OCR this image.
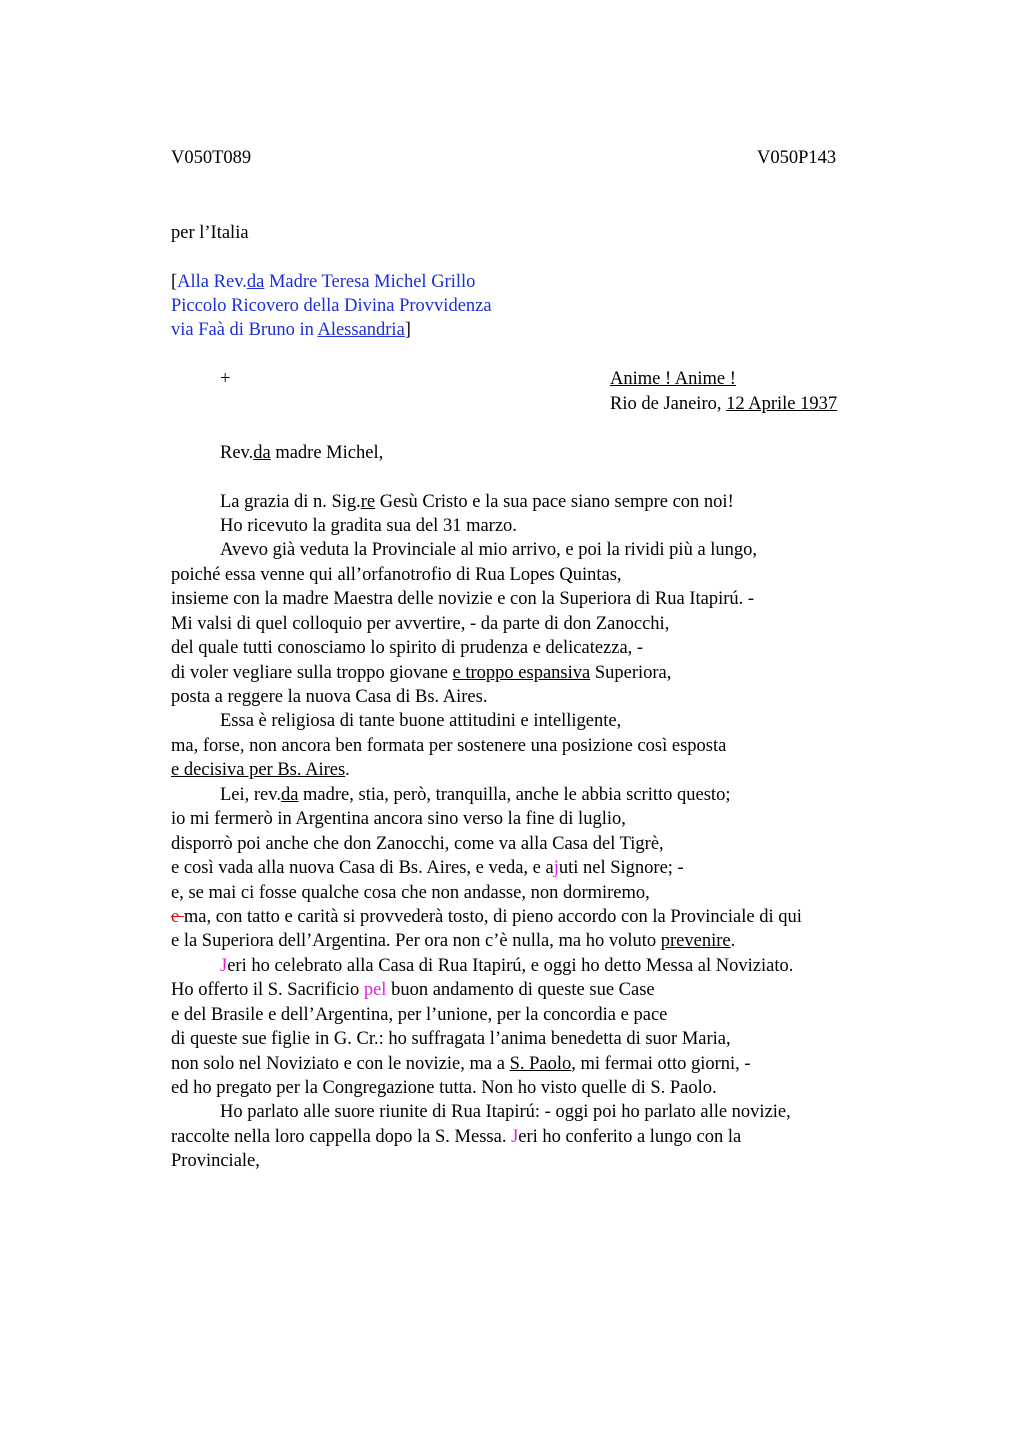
V050T089	V050P143
per l’Italia
[Alla Rev.da Madre Teresa Michel Grillo
Piccolo Ricovero della Divina Provvidenza
via Faà di Bruno in Alessandria]
+	Anime ! Anime !
Rio de Janeiro, 12 Aprile 1937
Rev.da madre Michel,
La grazia di n. Sig.re Gesù Cristo e la sua pace siano sempre con noi!
Ho ricevuto la gradita sua del 31 marzo.
Avevo già veduta la Provinciale al mio arrivo, e poi la rividi più a lungo,
poiché essa venne qui all’orfanotrofio di Rua Lopes Quintas,
insieme con la madre Maestra delle novizie e con la Superiora di Rua Itapirú. -
Mi valsi di quel colloquio per avvertire, - da parte di don Zanocchi,
del quale tutti conosciamo lo spirito di prudenza e delicatezza, -
di voler vegliare sulla troppo giovane e troppo espansiva Superiora,
posta a reggere la nuova Casa di Bs. Aires.
Essa è religiosa di tante buone attitudini e intelligente,
ma, forse, non ancora ben formata per sostenere una posizione così esposta
e decisiva per Bs. Aires.
Lei, rev.da madre, stia, però, tranquilla, anche le abbia scritto questo;
io mi fermerò in Argentina ancora sino verso la fine di luglio,
disporrò poi anche che don Zanocchi, come va alla Casa del Tigrè,
e così vada alla nuova Casa di Bs. Aires, e veda, e ajuti nel Signore; -
e, se mai ci fosse qualche cosa che non andasse, non dormiremo,
e ma, con tatto e carità si provvederà tosto, di pieno accordo con la Provinciale di qui
e la Superiora dell’Argentina. Per ora non c’è nulla, ma ho voluto prevenire.
Jeri ho celebrato alla Casa di Rua Itapirú, e oggi ho detto Messa al Noviziato.
Ho offerto il S. Sacrificio pel buon andamento di queste sue Case
e del Brasile e dell’Argentina, per l’unione, per la concordia e pace
di queste sue figlie in G. Cr.: ho suffragata l’anima benedetta di suor Maria,
non solo nel Noviziato e con le novizie, ma a S. Paolo, mi fermai otto giorni, -
ed ho pregato per la Congregazione tutta. Non ho visto quelle di S. Paolo.
Ho parlato alle suore riunite di Rua Itapirú: - oggi poi ho parlato alle novizie,
raccolte nella loro cappella dopo la S. Messa. Jeri ho conferito a lungo con la
Provinciale,
